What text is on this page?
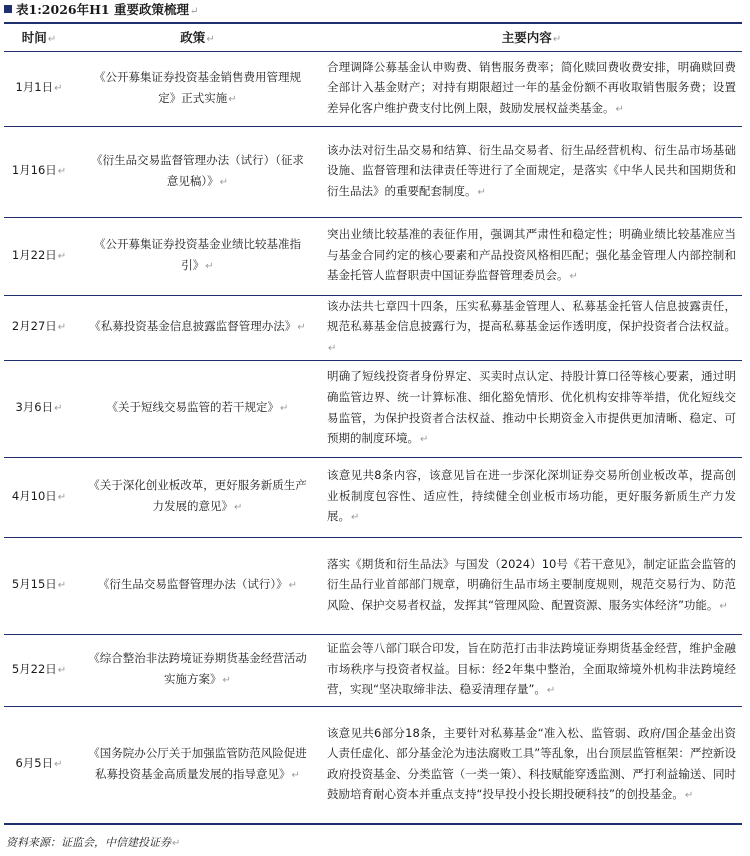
表1:2026年H1 重要政策梳理↵
时间↵	政策↵	主要内容↵
1月1日↵	《公开募集证券投资基金销售费用管理规定》正式实施↵	合理调降公募基金认申购费、销售服务费率；简化赎回费收费安排，明确赎回费全部计入基金财产；对持有期限超过一年的基金份额不再收取销售服务费；设置差异化客户维护费支付比例上限，鼓励发展权益类基金。↵
1月16日↵	《衍生品交易监督管理办法（试行）（征求意见稿）》↵	该办法对衍生品交易和结算、衍生品交易者、衍生品经营机构、衍生品市场基础设施、监督管理和法律责任等进行了全面规定，是落实《中华人民共和国期货和衍生品法》的重要配套制度。↵
1月22日↵	《公开募集证券投资基金业绩比较基准指引》↵	突出业绩比较基准的表征作用，强调其严肃性和稳定性；明确业绩比较基准应当与基金合同约定的核心要素和产品投资风格相匹配；强化基金管理人内部控制和基金托管人监督职责中国证券监督管理委员会。↵
2月27日↵	《私募投资基金信息披露监督管理办法》↵	该办法共七章四十四条，压实私募基金管理人、私募基金托管人信息披露责任，规范私募基金信息披露行为，提高私募基金运作透明度，保护投资者合法权益。↵
3月6日↵	《关于短线交易监管的若干规定》↵	明确了短线投资者身份界定、买卖时点认定、持股计算口径等核心要素，通过明确监管边界、统一计算标准、细化豁免情形、优化机构安排等举措，优化短线交易监管，为保护投资者合法权益、推动中长期资金入市提供更加清晰、稳定、可预期的制度环境。↵
4月10日↵	《关于深化创业板改革，更好服务新质生产力发展的意见》↵	该意见共8条内容，该意见旨在进一步深化深圳证券交易所创业板改革，提高创业板制度包容性、适应性，持续健全创业板市场功能，更好服务新质生产力发展。↵
5月15日↵	《衍生品交易监督管理办法（试行）》↵	落实《期货和衍生品法》与国发（2024）10号《若干意见》，制定证监会监管的衍生品行业首部部门规章，明确衍生品市场主要制度规则，规范交易行为、防范风险、保护交易者权益，发挥其“管理风险、配置资源、服务实体经济”功能。↵
5月22日↵	《综合整治非法跨境证券期货基金经营活动实施方案》↵	证监会等八部门联合印发，旨在防范打击非法跨境证券期货基金经营，维护金融市场秩序与投资者权益。目标：经2年集中整治，全面取缔境外机构非法跨境经营，实现“坚决取缔非法、稳妥清理存量”。↵
6月5日↵	《国务院办公厅关于加强监管防范风险促进私募投资基金高质量发展的指导意见》↵	该意见共6部分18条，主要针对私募基金“准入松、监管弱、政府/国企基金出资人责任虚化、部分基金沦为违法腐败工具”等乱象，出台顶层监管框架：严控新设政府投资基金、分类监管（一类一策）、科技赋能穿透监测、严打利益输送、同时鼓励培育耐心资本并重点支持“投早投小投长期投硬科技”的创投基金。↵
资料来源：证监会，中信建投证券↵
